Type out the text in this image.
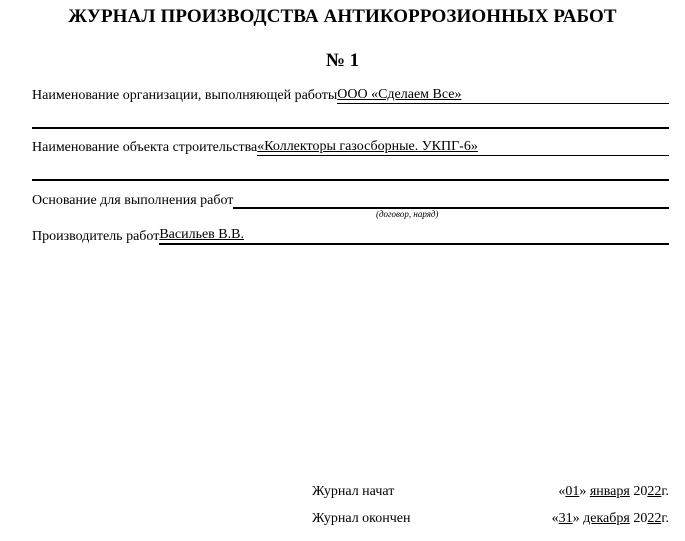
ЖУРНАЛ ПРОИЗВОДСТВА АНТИКОРРОЗИОННЫХ РАБОТ
№ 1
Наименование организации, выполняющей работы ООО «Сделаем Все»
Наименование объекта строительства «Коллекторы газосборные. УКПГ-6»
Основание для выполнения работ
(договор, наряд)
Производитель работ Васильев В.В.
Журнал начат	«01» января 2022г.
Журнал окончен	«31» декабря 2022г.
